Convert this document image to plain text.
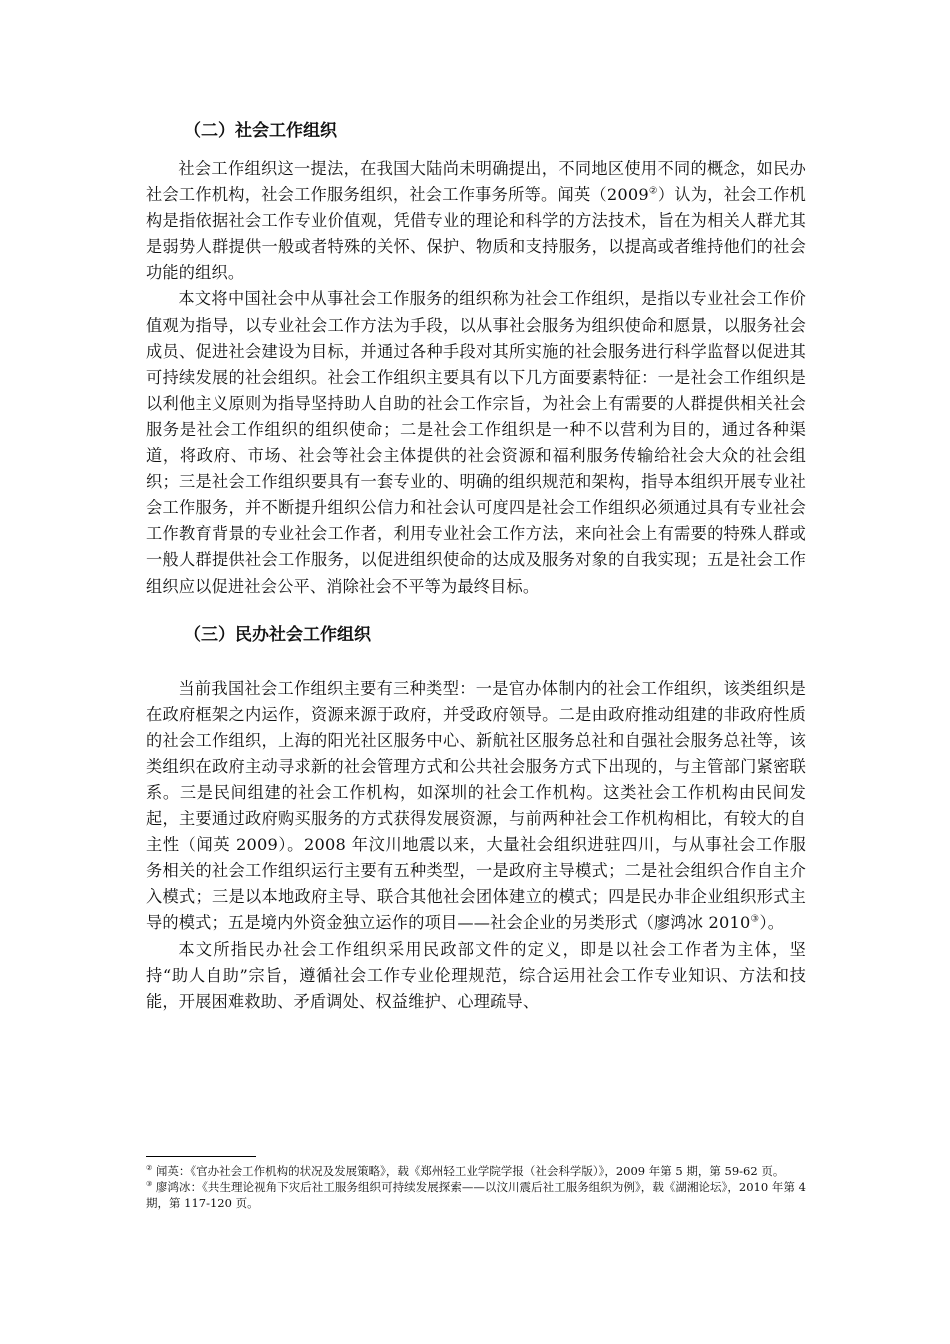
（二）社会工作组织

社会工作组织这一提法，在我国大陆尚未明确提出，不同地区使用不同的概念，如民办社会工作机构，社会工作服务组织，社会工作事务所等。闻英（2009②）认为，社会工作机构是指依据社会工作专业价值观，凭借专业的理论和科学的方法技术，旨在为相关人群尤其是弱势人群提供一般或者特殊的关怀、保护、物质和支持服务，以提高或者维持他们的社会功能的组织。

本文将中国社会中从事社会工作服务的组织称为社会工作组织，是指以专业社会工作价值观为指导，以专业社会工作方法为手段，以从事社会服务为组织使命和愿景，以服务社会成员、促进社会建设为目标，并通过各种手段对其所实施的社会服务进行科学监督以促进其可持续发展的社会组织。社会工作组织主要具有以下几方面要素特征：一是社会工作组织是以利他主义原则为指导坚持助人自助的社会工作宗旨，为社会上有需要的人群提供相关社会服务是社会工作组织的组织使命；二是社会工作组织是一种不以营利为目的，通过各种渠道，将政府、市场、社会等社会主体提供的社会资源和福利服务传输给社会大众的社会组织；三是社会工作组织要具有一套专业的、明确的组织规范和架构，指导本组织开展专业社会工作服务，并不断提升组织公信力和社会认可度四是社会工作组织必须通过具有专业社会工作教育背景的专业社会工作者，利用专业社会工作方法，来向社会上有需要的特殊人群或一般人群提供社会工作服务，以促进组织使命的达成及服务对象的自我实现；五是社会工作组织应以促进社会公平、消除社会不平等为最终目标。

（三）民办社会工作组织

当前我国社会工作组织主要有三种类型：一是官办体制内的社会工作组织，该类组织是在政府框架之内运作，资源来源于政府，并受政府领导。二是由政府推动组建的非政府性质的社会工作组织，上海的阳光社区服务中心、新航社区服务总社和自强社会服务总社等，该类组织在政府主动寻求新的社会管理方式和公共社会服务方式下出现的，与主管部门紧密联系。三是民间组建的社会工作机构，如深圳的社会工作机构。这类社会工作机构由民间发起，主要通过政府购买服务的方式获得发展资源，与前两种社会工作机构相比，有较大的自主性（闻英 2009）。2008 年汶川地震以来，大量社会组织进驻四川，与从事社会工作服务相关的社会工作组织运行主要有五种类型，一是政府主导模式；二是社会组织合作自主介入模式；三是以本地政府主导、联合其他社会团体建立的模式；四是民办非企业组织形式主导的模式；五是境内外资金独立运作的项目——社会企业的另类形式（廖鸿冰 2010③）。

本文所指民办社会工作组织采用民政部文件的定义，即是以社会工作者为主体，坚持“助人自助”宗旨，遵循社会工作专业伦理规范，综合运用社会工作专业知识、方法和技能，开展困难救助、矛盾调处、权益维护、心理疏导、

② 闻英：《官办社会工作机构的状况及发展策略》，载《郑州轻工业学院学报（社会科学版）》，2009 年第 5 期，第 59-62 页。

③ 廖鸿冰：《共生理论视角下灾后社工服务组织可持续发展探索——以汶川震后社工服务组织为例》，载《湖湘论坛》，2010 年第 4 期，第 117-120 页。
